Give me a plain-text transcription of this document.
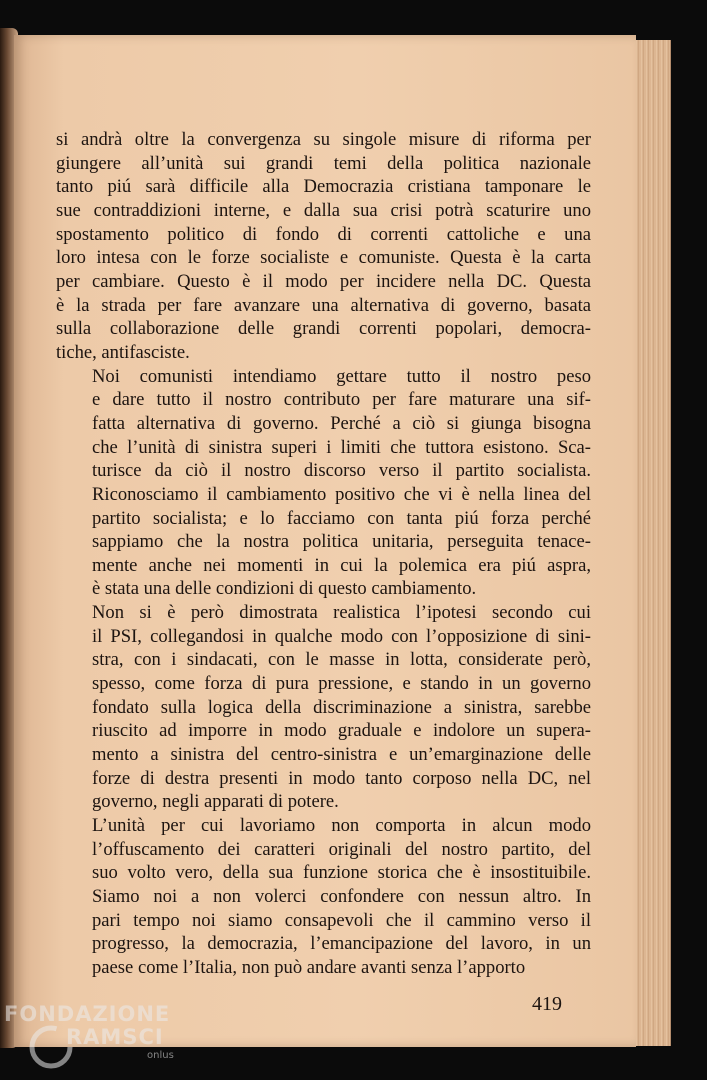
si andrà oltre la convergenza su singole misure di riforma per
giungere all’unità sui grandi temi della politica nazionale
tanto piú sarà difficile alla Democrazia cristiana tamponare le
sue contraddizioni interne, e dalla sua crisi potrà scaturire uno
spostamento politico di fondo di correnti cattoliche e una
loro intesa con le forze socialiste e comuniste. Questa è la carta
per cambiare. Questo è il modo per incidere nella DC. Questa
è la strada per fare avanzare una alternativa di governo, basata
sulla collaborazione delle grandi correnti popolari, democra-
tiche, antifasciste.

Noi comunisti intendiamo gettare tutto il nostro peso
e dare tutto il nostro contributo per fare maturare una sif-
fatta alternativa di governo. Perché a ciò si giunga bisogna
che l’unità di sinistra superi i limiti che tuttora esistono. Sca-
turisce da ciò il nostro discorso verso il partito socialista.
Riconosciamo il cambiamento positivo che vi è nella linea del
partito socialista; e lo facciamo con tanta piú forza perché
sappiamo che la nostra politica unitaria, perseguita tenace-
mente anche nei momenti in cui la polemica era piú aspra,
è stata una delle condizioni di questo cambiamento.

Non si è però dimostrata realistica l’ipotesi secondo cui
il PSI, collegandosi in qualche modo con l’opposizione di sini-
stra, con i sindacati, con le masse in lotta, considerate però,
spesso, come forza di pura pressione, e stando in un governo
fondato sulla logica della discriminazione a sinistra, sarebbe
riuscito ad imporre in modo graduale e indolore un supera-
mento a sinistra del centro-sinistra e un’emarginazione delle
forze di destra presenti in modo tanto corposo nella DC, nel
governo, negli apparati di potere.

L’unità per cui lavoriamo non comporta in alcun modo
l’offuscamento dei caratteri originali del nostro partito, del
suo volto vero, della sua funzione storica che è insostituibile.
Siamo noi a non volerci confondere con nessun altro. In
pari tempo noi siamo consapevoli che il cammino verso il
progresso, la democrazia, l’emancipazione del lavoro, in un
paese come l’Italia, non può andare avanti senza l’apporto

419
FONDAZIONE
RAMSCI
onlus
